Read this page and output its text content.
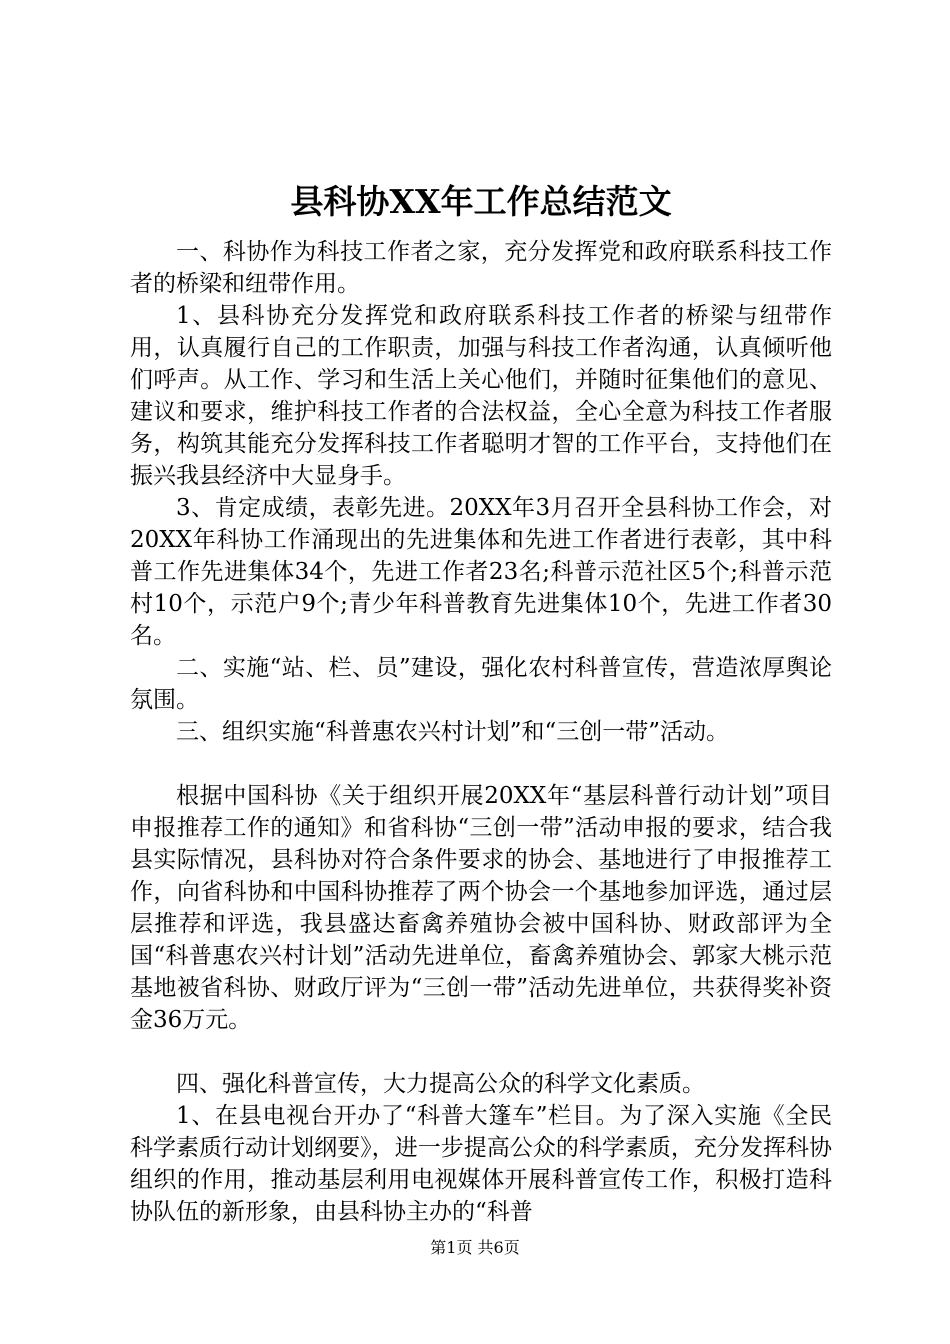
县科协XX年工作总结范文

一、科协作为科技工作者之家，充分发挥党和政府联系科技工作者的桥梁和纽带作用。

1、县科协充分发挥党和政府联系科技工作者的桥梁与纽带作用，认真履行自己的工作职责，加强与科技工作者沟通，认真倾听他们呼声。从工作、学习和生活上关心他们，并随时征集他们的意见、建议和要求，维护科技工作者的合法权益，全心全意为科技工作者服务，构筑其能充分发挥科技工作者聪明才智的工作平台，支持他们在振兴我县经济中大显身手。

3、肯定成绩，表彰先进。20XX年3月召开全县科协工作会，对20XX年科协工作涌现出的先进集体和先进工作者进行表彰，其中科普工作先进集体34个，先进工作者23名;科普示范社区5个;科普示范村10个，示范户9个;青少年科普教育先进集体10个，先进工作者30名。

二、实施“站、栏、员”建设，强化农村科普宣传，营造浓厚舆论氛围。

三、组织实施“科普惠农兴村计划”和“三创一带”活动。

根据中国科协《关于组织开展20XX年“基层科普行动计划”项目申报推荐工作的通知》和省科协“三创一带”活动申报的要求，结合我县实际情况，县科协对符合条件要求的协会、基地进行了申报推荐工作，向省科协和中国科协推荐了两个协会一个基地参加评选，通过层层推荐和评选，我县盛达畜禽养殖协会被中国科协、财政部评为全国“科普惠农兴村计划”活动先进单位，畜禽养殖协会、郭家大桃示范基地被省科协、财政厅评为“三创一带”活动先进单位，共获得奖补资金36万元。

四、强化科普宣传，大力提高公众的科学文化素质。

1、在县电视台开办了“科普大篷车”栏目。为了深入实施《全民科学素质行动计划纲要》，进一步提高公众的科学素质，充分发挥科协组织的作用，推动基层利用电视媒体开展科普宣传工作，积极打造科协队伍的新形象，由县科协主办的“科普

第1页 共6页
